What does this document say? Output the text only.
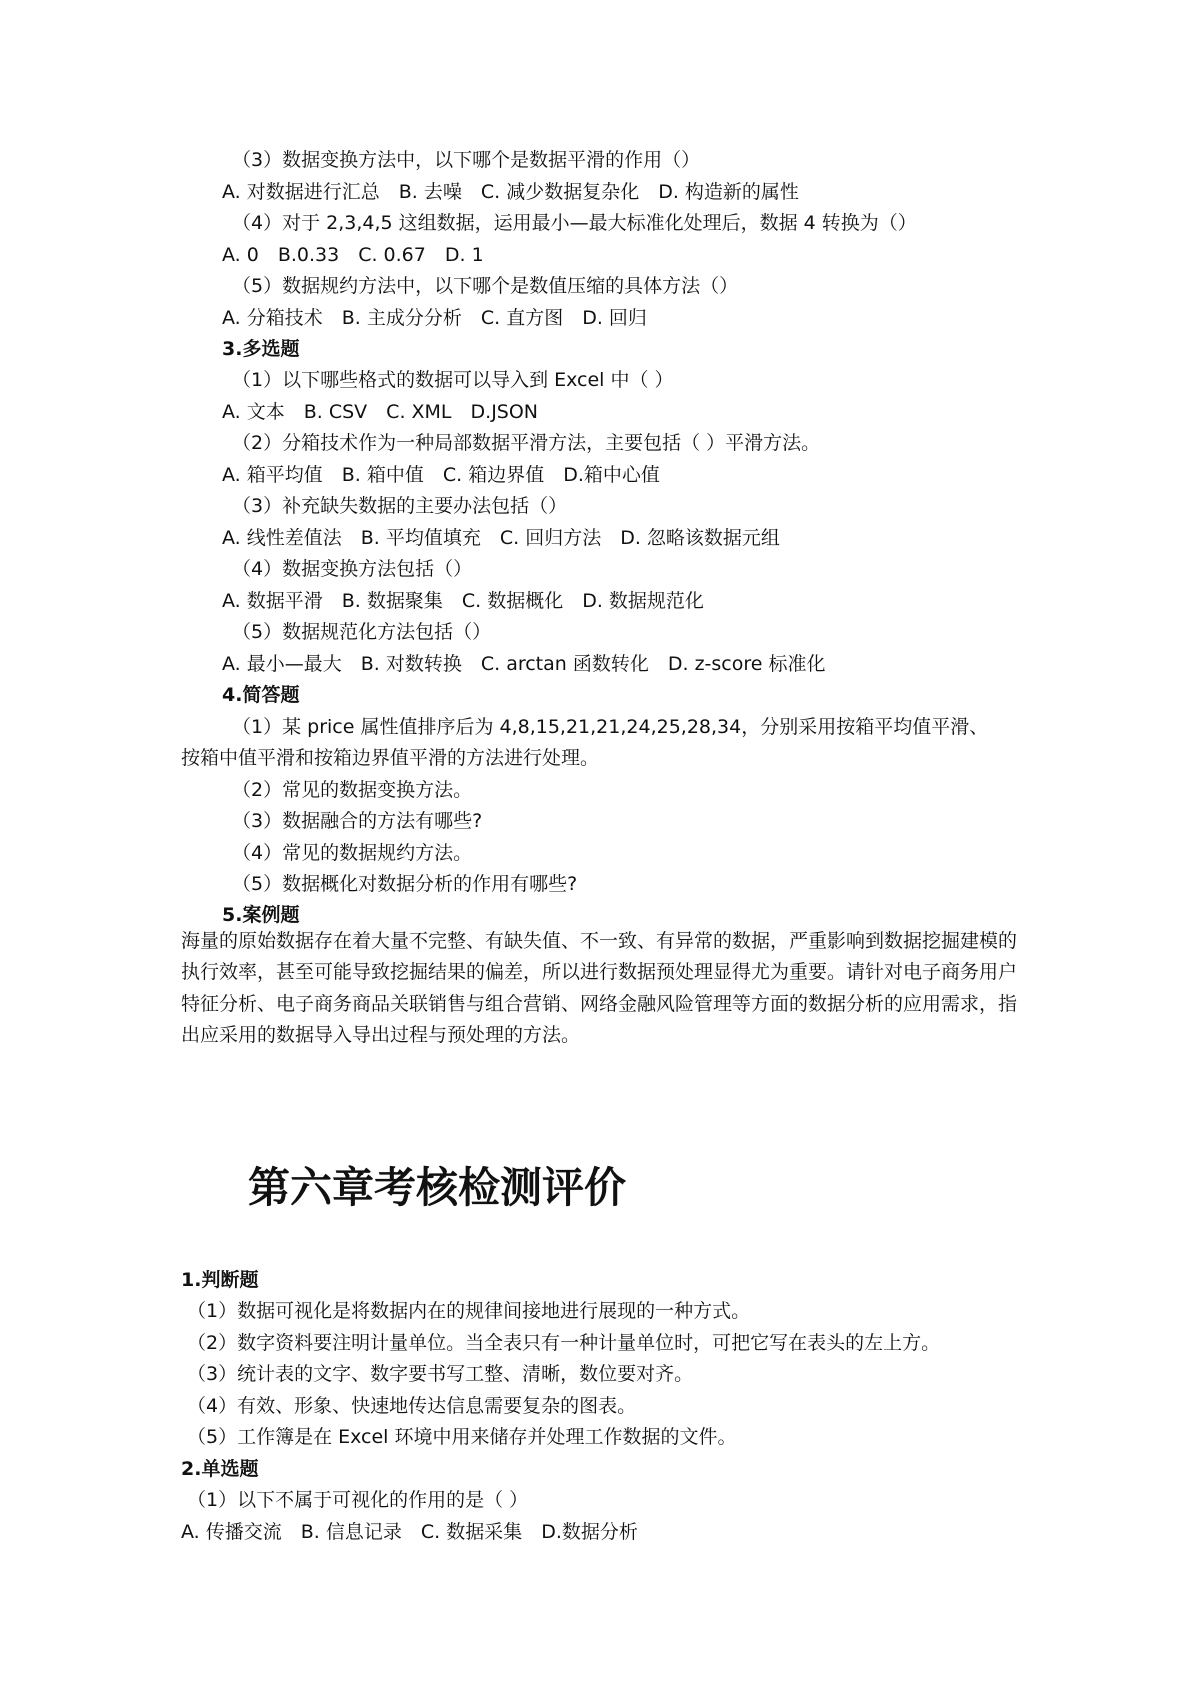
（3）数据变换方法中，以下哪个是数据平滑的作用（）
A. 对数据进行汇总　B. 去噪　C. 减少数据复杂化　D. 构造新的属性
（4）对于 2,3,4,5 这组数据，运用最小—最大标准化处理后，数据 4 转换为（）
A. 0　B.0.33　C. 0.67　D. 1
（5）数据规约方法中，以下哪个是数值压缩的具体方法（）
A. 分箱技术　B. 主成分分析　C. 直方图　D. 回归
3.多选题
（1）以下哪些格式的数据可以导入到 Excel 中（ ）
A. 文本　B. CSV　C. XML　D.JSON
（2）分箱技术作为一种局部数据平滑方法，主要包括（ ）平滑方法。
A. 箱平均值　B. 箱中值　C. 箱边界值　D.箱中心值
（3）补充缺失数据的主要办法包括（）
A. 线性差值法　B. 平均值填充　C. 回归方法　D. 忽略该数据元组
（4）数据变换方法包括（）
A. 数据平滑　B. 数据聚集　C. 数据概化　D. 数据规范化
（5）数据规范化方法包括（）
A. 最小—最大　B. 对数转换　C. arctan 函数转化　D. z-score 标准化
4.简答题
（1）某 price 属性值排序后为 4,8,15,21,21,24,25,28,34，分别采用按箱平均值平滑、
按箱中值平滑和按箱边界值平滑的方法进行处理。
（2）常见的数据变换方法。
（3）数据融合的方法有哪些?
（4）常见的数据规约方法。
（5）数据概化对数据分析的作用有哪些?
5.案例题
海量的原始数据存在着大量不完整、有缺失值、不一致、有异常的数据，严重影响到数据挖掘建模的执行效率，甚至可能导致挖掘结果的偏差，所以进行数据预处理显得尤为重要。请针对电子商务用户特征分析、电子商务商品关联销售与组合营销、网络金融风险管理等方面的数据分析的应用需求，指出应采用的数据导入导出过程与预处理的方法。
第六章考核检测评价
1.判断题
（1）数据可视化是将数据内在的规律间接地进行展现的一种方式。
（2）数字资料要注明计量单位。当全表只有一种计量单位时，可把它写在表头的左上方。
（3）统计表的文字、数字要书写工整、清晰，数位要对齐。
（4）有效、形象、快速地传达信息需要复杂的图表。
（5）工作簿是在 Excel 环境中用来储存并处理工作数据的文件。
2.单选题
（1）以下不属于可视化的作用的是（ ）
A. 传播交流　B. 信息记录　C. 数据采集　D.数据分析
